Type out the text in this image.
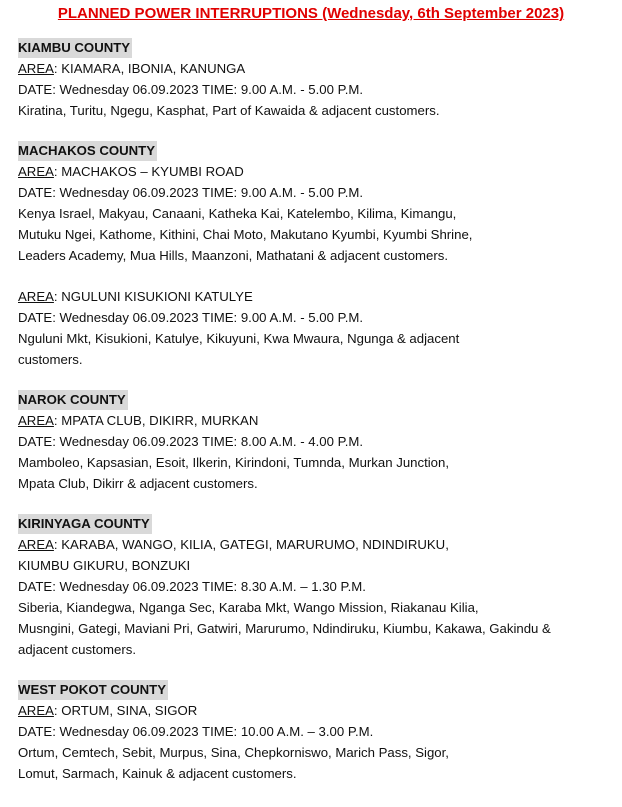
PLANNED POWER INTERRUPTIONS (Wednesday, 6th September 2023)
KIAMBU COUNTY
AREA: KIAMARA, IBONIA, KANUNGA
DATE: Wednesday 06.09.2023 TIME: 9.00 A.M. - 5.00 P.M.
Kiratina, Turitu, Ngegu, Kasphat, Part of Kawaida & adjacent customers.
MACHAKOS COUNTY
AREA: MACHAKOS – KYUMBI ROAD
DATE: Wednesday 06.09.2023 TIME: 9.00 A.M. - 5.00 P.M.
Kenya Israel, Makyau, Canaani, Katheka Kai, Katelembo, Kilima, Kimangu,
Mutuku Ngei, Kathome, Kithini, Chai Moto, Makutano Kyumbi, Kyumbi Shrine,
Leaders Academy, Mua Hills, Maanzoni, Mathatani & adjacent customers.
AREA: NGULUNI KISUKIONI KATULYE
DATE: Wednesday 06.09.2023 TIME: 9.00 A.M. - 5.00 P.M.
Nguluni Mkt, Kisukioni, Katulye, Kikuyuni, Kwa Mwaura, Ngunga & adjacent
customers.
NAROK COUNTY
AREA: MPATA CLUB, DIKIRR, MURKAN
DATE: Wednesday 06.09.2023 TIME: 8.00 A.M. - 4.00 P.M.
Mamboleo, Kapsasian, Esoit, Ilkerin, Kirindoni, Tumnda, Murkan Junction,
Mpata Club, Dikirr & adjacent customers.
KIRINYAGA COUNTY
AREA: KARABA, WANGO, KILIA, GATEGI, MARURUMO, NDINDIRUKU,
KIUMBU GIKURU, BONZUKI
DATE: Wednesday 06.09.2023 TIME: 8.30 A.M. – 1.30 P.M.
Siberia, Kiandegwa, Nganga Sec, Karaba Mkt, Wango Mission, Riakanau Kilia,
Musngini, Gategi, Maviani Pri, Gatwiri, Marurumo, Ndindiruku, Kiumbu, Kakawa, Gakindu &
adjacent customers.
WEST POKOT COUNTY
AREA: ORTUM, SINA, SIGOR
DATE: Wednesday 06.09.2023 TIME: 10.00 A.M. – 3.00 P.M.
Ortum, Cemtech, Sebit, Murpus, Sina, Chepkorniswo, Marich Pass, Sigor,
Lomut, Sarmach, Kainuk & adjacent customers.
